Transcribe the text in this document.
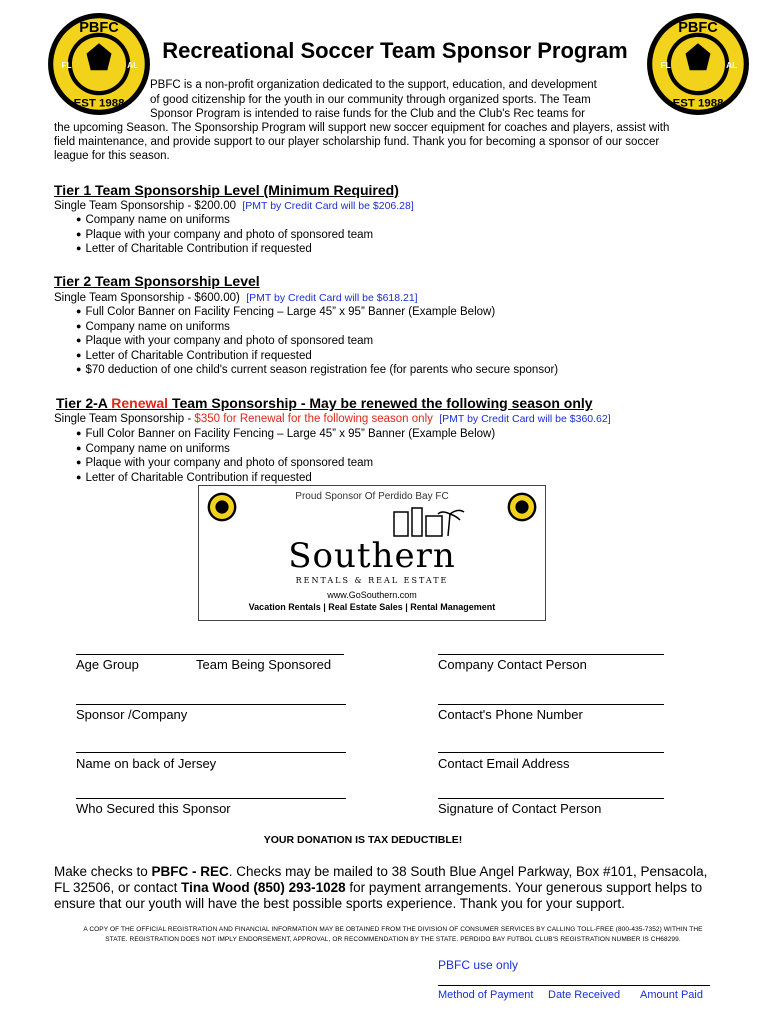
PBFC
FL	AL
EST 1988
PBFC
FL	AL
EST 1988
Recreational Soccer Team Sponsor Program
PBFC is a non-profit organization dedicated to the support, education, and development
of good citizenship for the youth in our community through organized sports. The Team
Sponsor Program is intended to raise funds for the Club and the Club's Rec teams for
the upcoming Season. The Sponsorship Program will support new soccer equipment for coaches and players, assist with
field maintenance, and provide support to our player scholarship fund. Thank you for becoming a sponsor of our soccer
league for this season.
Tier 1 Team Sponsorship Level (Minimum Required)
Single Team Sponsorship - $200.00 [PMT by Credit Card will be $206.28]
● Company name on uniforms
● Plaque with your company and photo of sponsored team
● Letter of Charitable Contribution if requested
Tier 2 Team Sponsorship Level
Single Team Sponsorship - $600.00) [PMT by Credit Card will be $618.21]
● Full Color Banner on Facility Fencing – Large 45” x 95” Banner (Example Below)
● Company name on uniforms
● Plaque with your company and photo of sponsored team
● Letter of Charitable Contribution if requested
● $70 deduction of one child's current season registration fee (for parents who secure sponsor)
Tier 2-A Renewal Team Sponsorship - May be renewed the following season only
Single Team Sponsorship - $350 for Renewal for the following season only [PMT by Credit Card will be $360.62]
● Full Color Banner on Facility Fencing – Large 45” x 95” Banner (Example Below)
● Company name on uniforms
● Plaque with your company and photo of sponsored team
● Letter of Charitable Contribution if requested
Proud Sponsor Of Perdido Bay FC
Southern
RENTALS & REAL ESTATE
www.GoSouthern.com
Vacation Rentals | Real Estate Sales | Rental Management
Age Group	Team Being Sponsored	Company Contact Person
Sponsor /Company	Contact's Phone Number
Name on back of Jersey	Contact Email Address
Who Secured this Sponsor	Signature of Contact Person
YOUR DONATION IS TAX DEDUCTIBLE!
Make checks to PBFC - REC. Checks may be mailed to 38 South Blue Angel Parkway, Box #101, Pensacola,
FL 32506, or contact Tina Wood (850) 293-1028 for payment arrangements. Your generous support helps to
ensure that our youth will have the best possible sports experience. Thank you for your support.
A COPY OF THE OFFICIAL REGISTRATION AND FINANCIAL INFORMATION MAY BE OBTAINED FROM THE DIVISION OF CONSUMER SERVICES BY CALLING TOLL-FREE (800-435-7352) WITHIN THE
STATE. REGISTRATION DOES NOT IMPLY ENDORSEMENT, APPROVAL, OR RECOMMENDATION BY THE STATE. PERDIDO BAY FUTBOL CLUB'S REGISTRATION NUMBER IS CH68299.
PBFC use only
Method of Payment Date Received Amount Paid
